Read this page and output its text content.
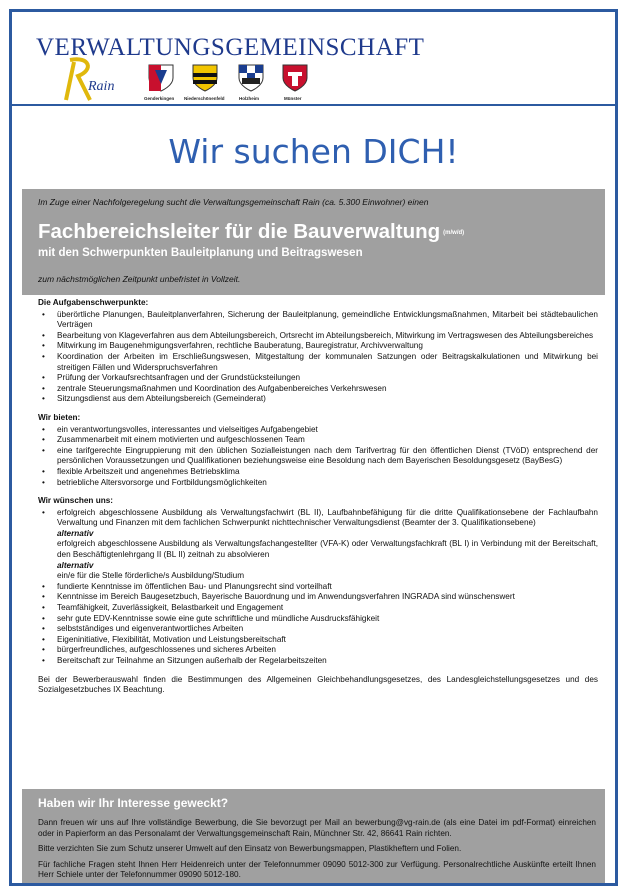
VERWALTUNGSGEMEINSCHAFT
Rain
Genderkingen Niederschönenfeld	Holzheim	Münster
Wir suchen DICH!
Im Zuge einer Nachfolgeregelung sucht die Verwaltungsgemeinschaft Rain (ca. 5.300 Einwohner) einen
Fachbereichsleiter für die Bauverwaltung (m/w/d)
mit den Schwerpunkten Bauleitplanung und Beitragswesen
zum nächstmöglichen Zeitpunkt unbefristet in Vollzeit.
Die Aufgabenschwerpunkte:
• überörtliche Planungen, Bauleitplanverfahren, Sicherung der Bauleitplanung, gemeindliche Entwicklungsmaßnahmen, Mitarbeit bei städtebaulichen Verträgen
• Bearbeitung von Klageverfahren aus dem Abteilungsbereich, Ortsrecht im Abteilungsbereich, Mitwirkung im Vertragswesen des Abteilungsbereiches
• Mitwirkung im Baugenehmigungsverfahren, rechtliche Bauberatung, Bauregistratur, Archivverwaltung
• Koordination der Arbeiten im Erschließungswesen, Mitgestaltung der kommunalen Satzungen oder Beitragskalkulationen und Mitwirkung bei streitigen Fällen und Widerspruchsverfahren
• Prüfung der Vorkaufsrechtsanfragen und der Grundstücksteilungen
• zentrale Steuerungsmaßnahmen und Koordination des Aufgabenbereiches Verkehrswesen
• Sitzungsdienst aus dem Abteilungsbereich (Gemeinderat)
Wir bieten:
• ein verantwortungsvolles, interessantes und vielseitiges Aufgabengebiet
• Zusammenarbeit mit einem motivierten und aufgeschlossenen Team
• eine tarifgerechte Eingruppierung mit den üblichen Sozialleistungen nach dem Tarifvertrag für den öffentlichen Dienst (TVöD) entsprechend der persönlichen Voraussetzungen und Qualifikationen beziehungsweise eine Besoldung nach dem Bayerischen Besoldungsgesetz (BayBesG)
• flexible Arbeitszeit und angenehmes Betriebsklima
• betriebliche Altersvorsorge und Fortbildungsmöglichkeiten
Wir wünschen uns:
• erfolgreich abgeschlossene Ausbildung als Verwaltungsfachwirt (BL II), Laufbahnbefähigung für die dritte Qualifikationsebene der Fachlaufbahn Verwaltung und Finanzen mit dem fachlichen Schwerpunkt nichttechnischer Verwaltungsdienst (Beamter der 3. Qualifikationsebene)
alternativ
erfolgreich abgeschlossene Ausbildung als Verwaltungsfachangestellter (VFA-K) oder Verwaltungsfachkraft (BL I) in Verbindung mit der Bereitschaft, den Beschäftigtenlehrgang II (BL II) zeitnah zu absolvieren
alternativ
ein/e für die Stelle förderliche/s Ausbildung/Studium
• fundierte Kenntnisse im öffentlichen Bau- und Planungsrecht sind vorteilhaft
• Kenntnisse im Bereich Baugesetzbuch, Bayerische Bauordnung und im Anwendungsverfahren INGRADA sind wünschenswert
• Teamfähigkeit, Zuverlässigkeit, Belastbarkeit und Engagement
• sehr gute EDV-Kenntnisse sowie eine gute schriftliche und mündliche Ausdrucksfähigkeit
• selbstständiges und eigenverantwortliches Arbeiten
• Eigeninitiative, Flexibilität, Motivation und Leistungsbereitschaft
• bürgerfreundliches, aufgeschlossenes und sicheres Arbeiten
• Bereitschaft zur Teilnahme an Sitzungen außerhalb der Regelarbeitszeiten

Bei der Bewerberauswahl finden die Bestimmungen des Allgemeinen Gleichbehandlungsgesetzes, des Landesgleichstellungsgesetzes und des Sozialgesetzbuches IX Beachtung.

Haben wir Ihr Interesse geweckt?

Dann freuen wir uns auf Ihre vollständige Bewerbung, die Sie bevorzugt per Mail an bewerbung@vg-rain.de (als eine Datei im pdf-Format) einreichen oder in Papierform an das Personalamt der Verwaltungsgemeinschaft Rain, Münchner Str. 42, 86641 Rain richten.

Bitte verzichten Sie zum Schutz unserer Umwelt auf den Einsatz von Bewerbungsmappen, Plastikheftern und Folien.

Für fachliche Fragen steht Ihnen Herr Heidenreich unter der Telefonnummer 09090 5012-300 zur Verfügung. Personalrechtliche Auskünfte erteilt Ihnen Herr Schiele unter der Telefonnummer 09090 5012-180.
